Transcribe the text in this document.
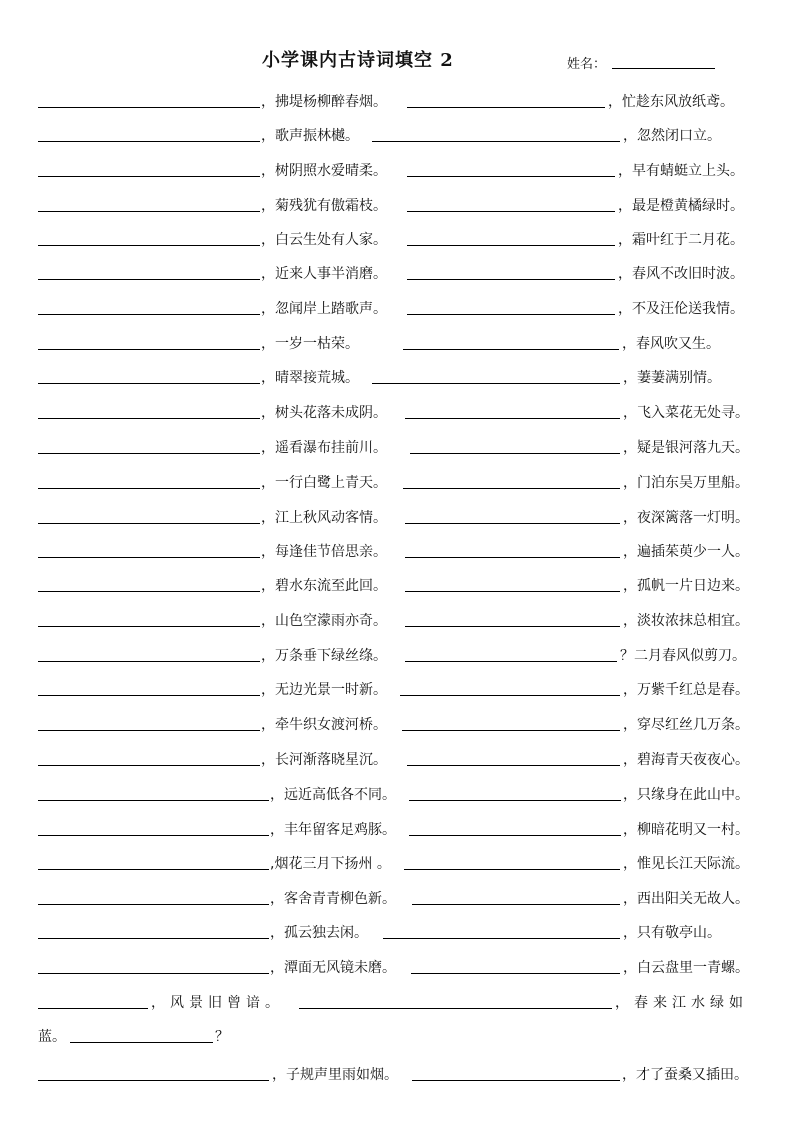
小学课内古诗词填空 2	姓名：
，拂堤杨柳醉春烟。	，忙趁东风放纸鸢。
，歌声振林樾。	，忽然闭口立。
，树阴照水爱晴柔。	，早有蜻蜓立上头。
，菊残犹有傲霜枝。	，最是橙黄橘绿时。
，白云生处有人家。	，霜叶红于二月花。
，近来人事半消磨。	，春风不改旧时波。
，忽闻岸上踏歌声。	，不及汪伦送我情。
，一岁一枯荣。	，春风吹又生。
，晴翠接荒城。	，萋萋满别情。
，树头花落未成阴。	，飞入菜花无处寻。
，遥看瀑布挂前川。	，疑是银河落九天。
，一行白鹭上青天。	，门泊东吴万里船。
，江上秋风动客情。	，夜深篱落一灯明。
，每逢佳节倍思亲。	，遍插茱萸少一人。
，碧水东流至此回。	，孤帆一片日边来。
，山色空濛雨亦奇。	，淡妆浓抹总相宜。
，万条垂下绿丝绦。	？二月春风似剪刀。
，无边光景一时新。	，万紫千红总是春。
，牵牛织女渡河桥。	，穿尽红丝几万条。
，长河渐落晓星沉。	，碧海青天夜夜心。
，远近高低各不同。	，只缘身在此山中。
，丰年留客足鸡豚。	，柳暗花明又一村。
,烟花三月下扬州 。	，惟见长江天际流。
，客舍青青柳色新。	，西出阳关无故人。
，孤云独去闲。	，只有敬亭山。
，潭面无风镜未磨。	，白云盘里一青螺。
，风景旧曾谙。	，春来江水绿如
蓝。	？
，子规声里雨如烟。	，才了蚕桑又插田。
